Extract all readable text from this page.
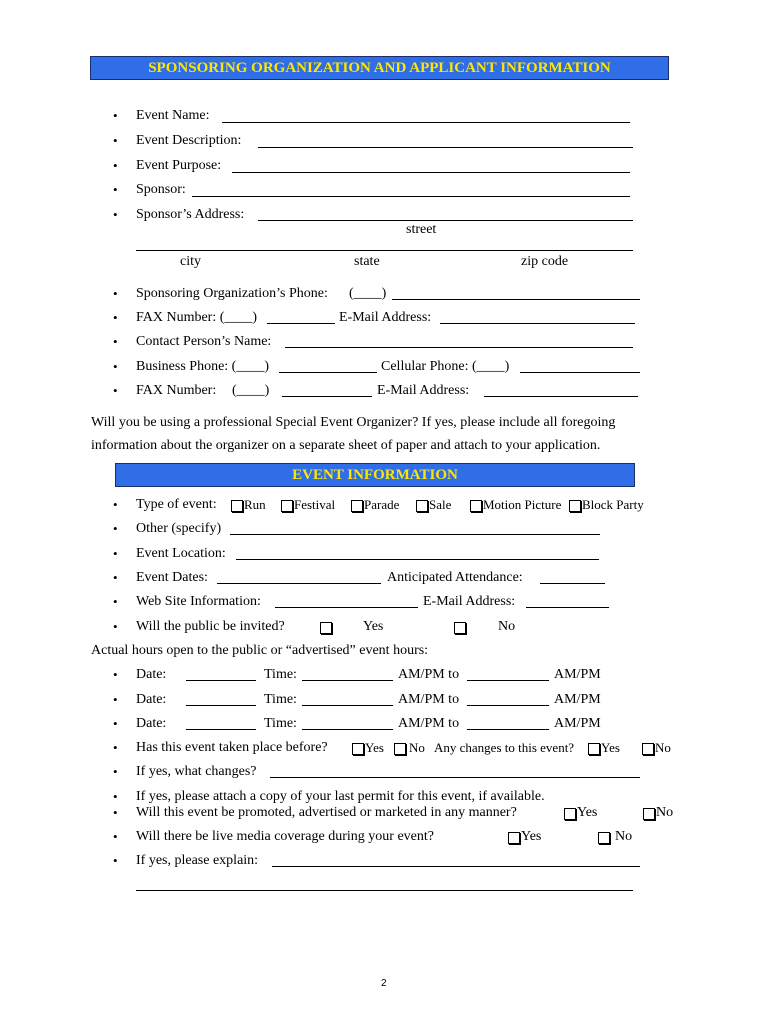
SPONSORING ORGANIZATION AND APPLICANT INFORMATION
• Event Name:
• Event Description:
• Event Purpose:
• Sponsor:
• Sponsor’s Address:
street
city	state	zip code
• Sponsoring Organization’s Phone: (____)
• FAX Number: (____)	E-Mail Address:
• Contact Person’s Name:
• Business Phone: (____)	Cellular Phone: (____)
• FAX Number: (____)	E-Mail Address:
Will you be using a professional Special Event Organizer? If yes, please include all foregoing
information about the organizer on a separate sheet of paper and attach to your application.
EVENT INFORMATION
• Type of event: Run Festival Parade Sale Motion Picture Block Party
• Other (specify)
• Event Location:
• Event Dates:	Anticipated Attendance:
• Web Site Information:	E-Mail Address:
• Will the public be invited?	Yes	No
Actual hours open to the public or “advertised” event hours:
• Date:	Time:	AM/PM to	AM/PM
• Date:	Time:	AM/PM to	AM/PM
• Date:	Time:	AM/PM to	AM/PM
• Has this event taken place before?	Yes No Any changes to this event? Yes	No
• If yes, what changes?
• If yes, please attach a copy of your last permit for this event, if available.
• Will this event be promoted, advertised or marketed in any manner?	Yes	No
• Will there be live media coverage during your event?	Yes	No
• If yes, please explain:
2
